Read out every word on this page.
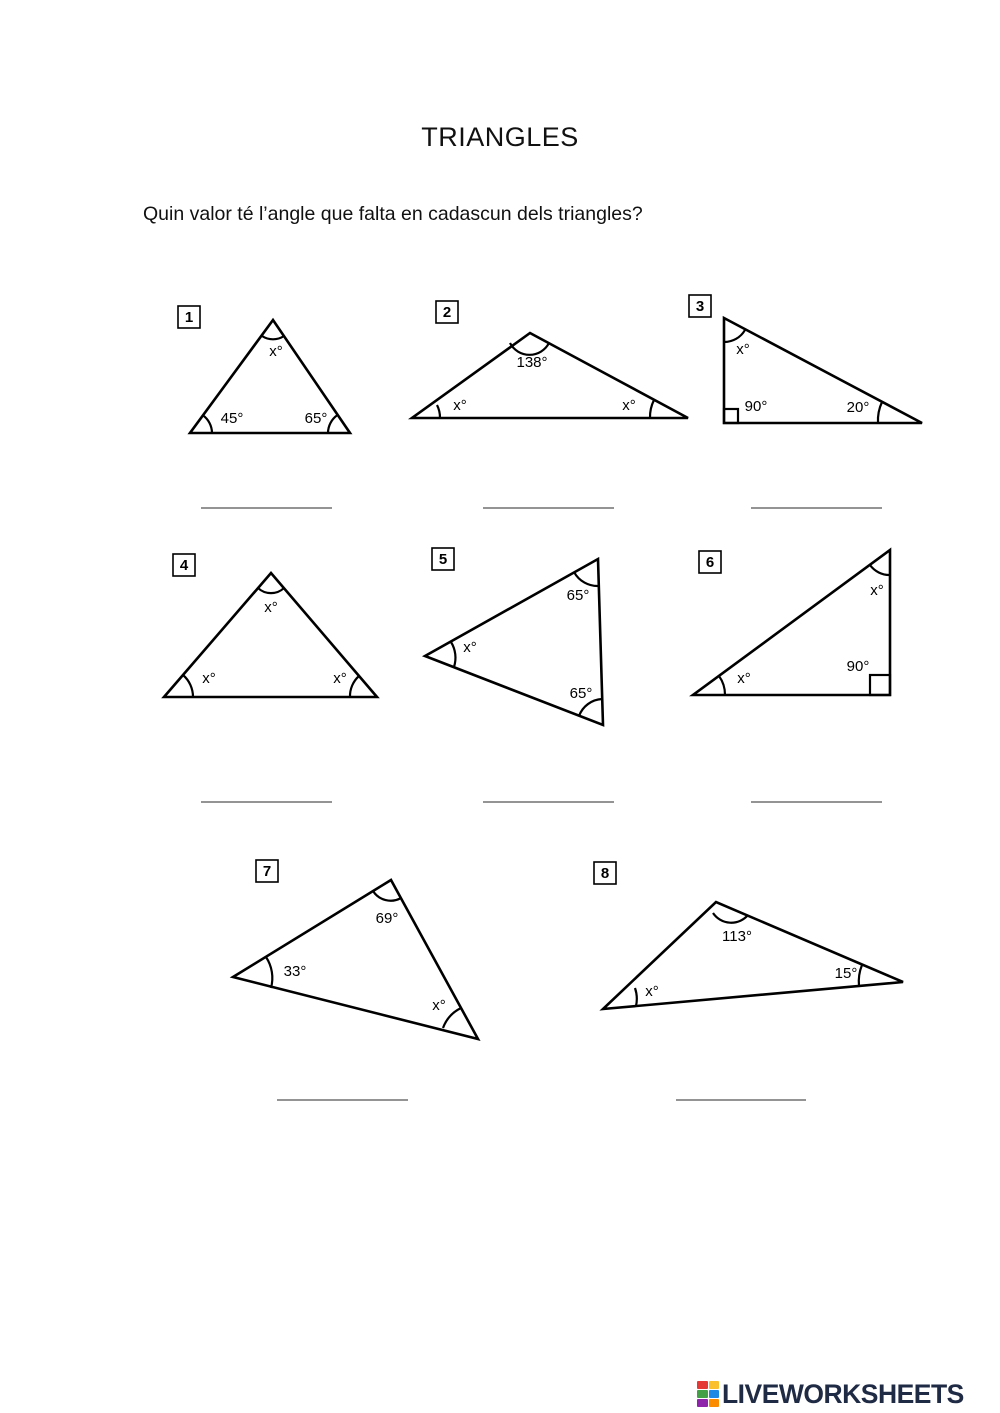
TRIANGLES
Quin valor té l’angle que falta en cadascun dels triangles?
1
x°
45°	65°
2
138°
x°	x°
3
x°
90°	20°
4
x°
x°	x°
5
65°
x°
65°
6
x°
90°
x°
7
69°
33°
x°
8
113°
x°
15°
LIVEWORKSHEETS
